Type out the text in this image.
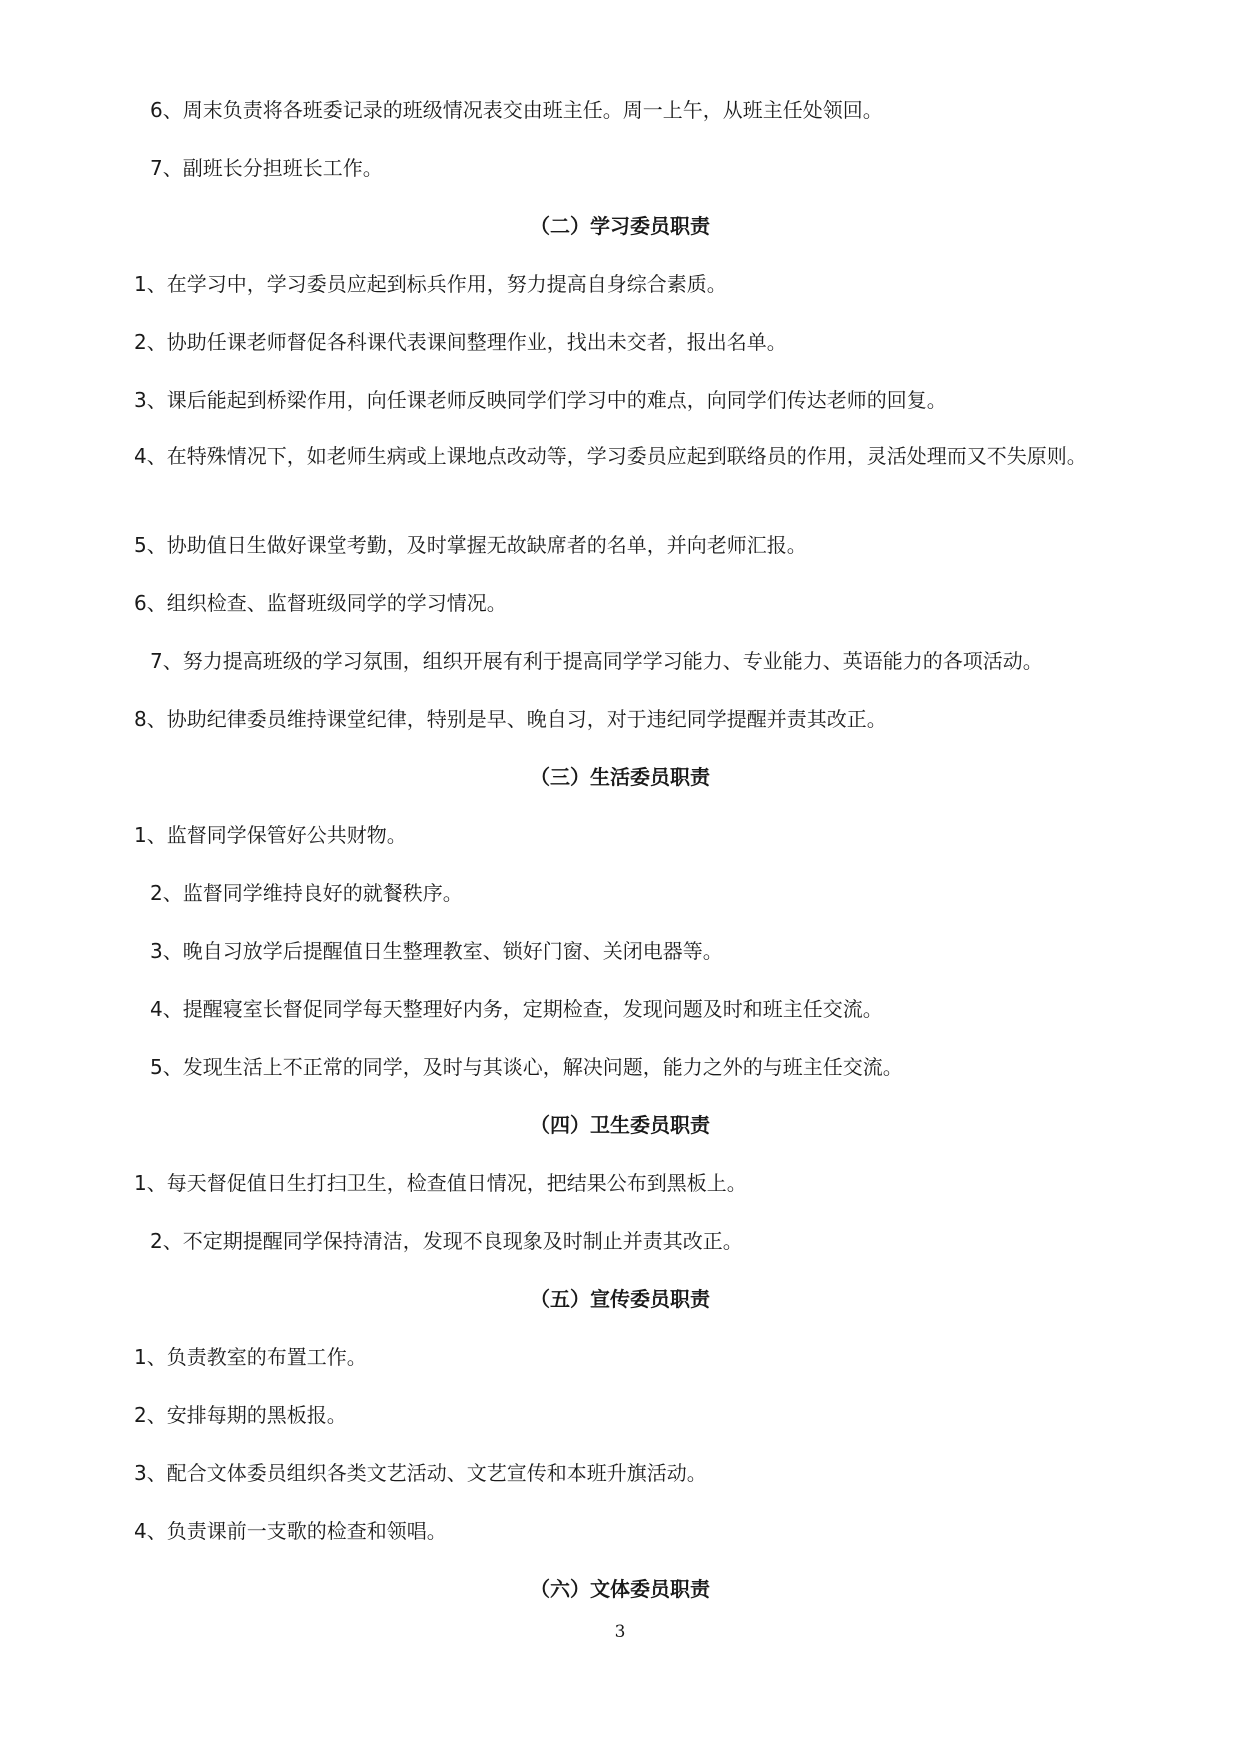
6、周末负责将各班委记录的班级情况表交由班主任。周一上午，从班主任处领回。
7、副班长分担班长工作。
（二）学习委员职责
1、在学习中，学习委员应起到标兵作用，努力提高自身综合素质。
2、协助任课老师督促各科课代表课间整理作业，找出未交者，报出名单。
3、课后能起到桥梁作用，向任课老师反映同学们学习中的难点，向同学们传达老师的回复。
4、在特殊情况下，如老师生病或上课地点改动等，学习委员应起到联络员的作用，灵活处理而又不失原则。
5、协助值日生做好课堂考勤，及时掌握无故缺席者的名单，并向老师汇报。
6、组织检查、监督班级同学的学习情况。
7、努力提高班级的学习氛围，组织开展有利于提高同学学习能力、专业能力、英语能力的各项活动。
8、协助纪律委员维持课堂纪律，特别是早、晚自习，对于违纪同学提醒并责其改正。
（三）生活委员职责
1、监督同学保管好公共财物。
2、监督同学维持良好的就餐秩序。
3、晚自习放学后提醒值日生整理教室、锁好门窗、关闭电器等。
4、提醒寝室长督促同学每天整理好内务，定期检查，发现问题及时和班主任交流。
5、发现生活上不正常的同学，及时与其谈心，解决问题，能力之外的与班主任交流。
（四）卫生委员职责
1、每天督促值日生打扫卫生，检查值日情况，把结果公布到黑板上。
2、不定期提醒同学保持清洁，发现不良现象及时制止并责其改正。
（五）宣传委员职责
1、负责教室的布置工作。
2、安排每期的黑板报。
3、配合文体委员组织各类文艺活动、文艺宣传和本班升旗活动。
4、负责课前一支歌的检查和领唱。
（六）文体委员职责
3
